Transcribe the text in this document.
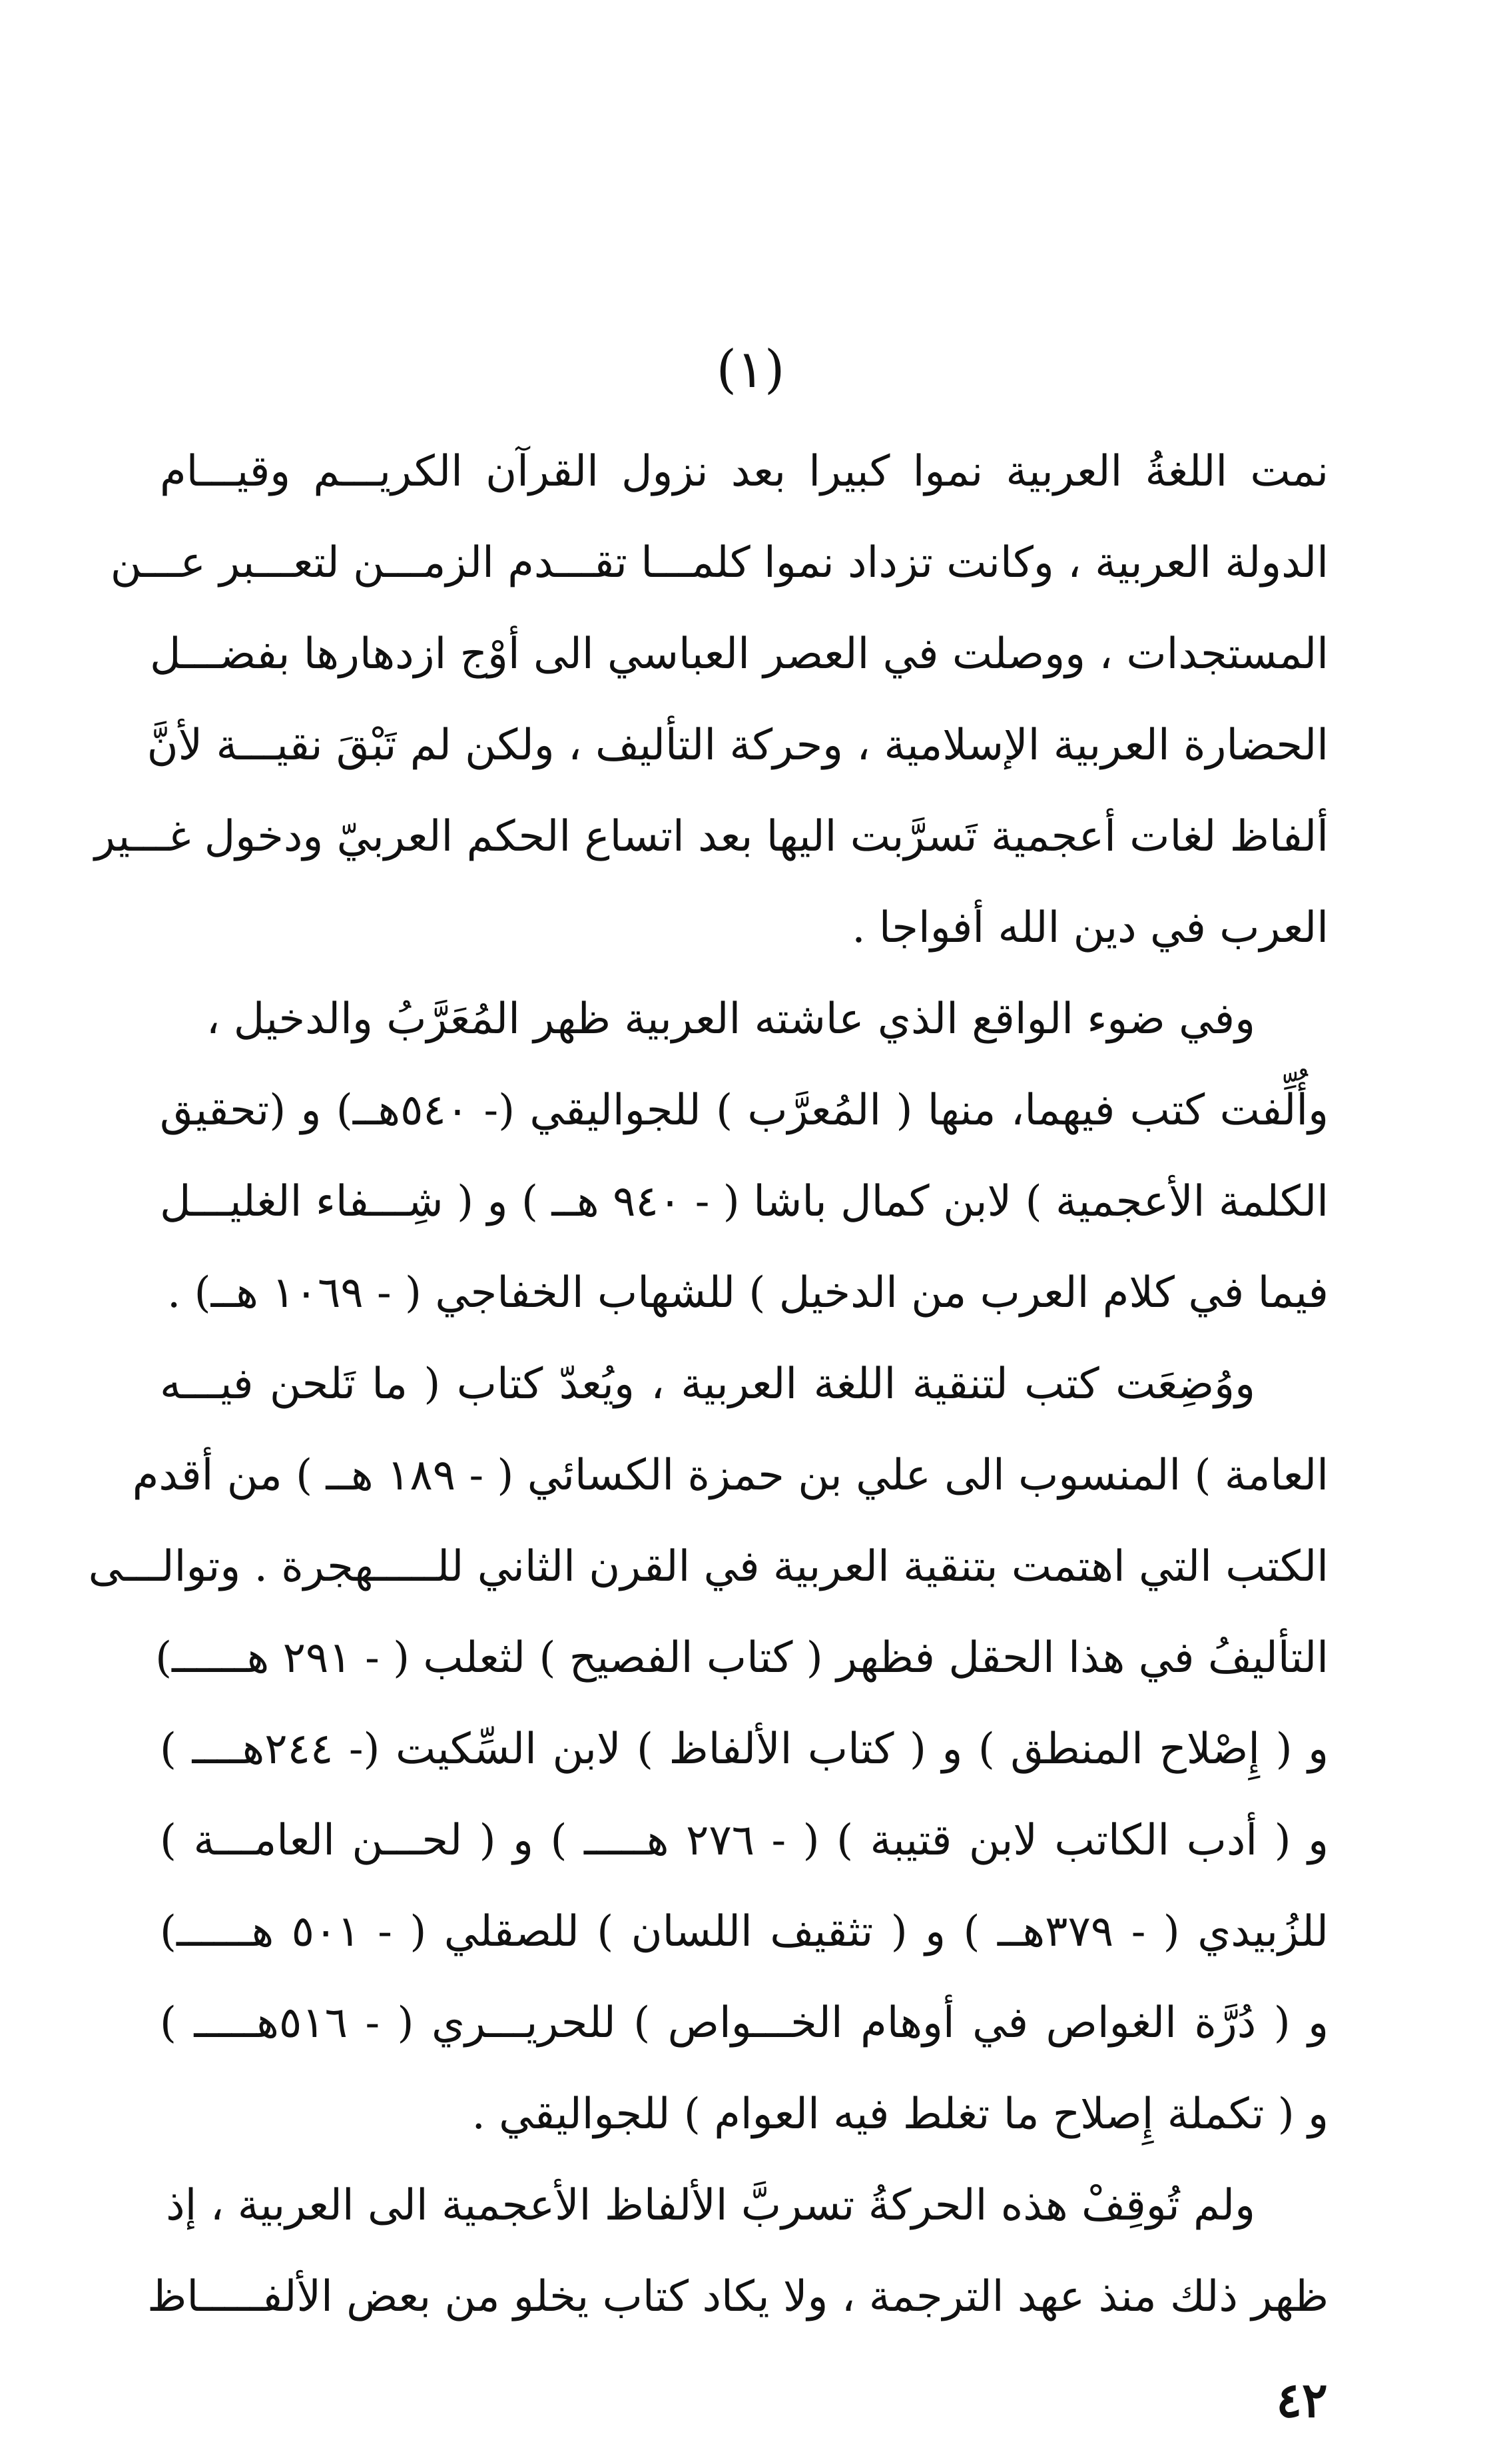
(١)
نمت اللغةُ العربية نموا كبيرا بعد نزول القرآن الكريـــم وقيـــام
الدولة العربية ، وكانت تزداد نموا كلمـــا تقـــدم الزمـــن لتعـــبر عـــن
المستجدات ، ووصلت في العصر العباسي الى أوْج ازدهارها بفضـــل
الحضارة العربية الإسلامية ، وحركة التأليف ، ولكن لم تَبْقَ نقيـــة لأنَّ
ألفاظ لغات أعجمية تَسرَّبت اليها بعد اتساع الحكم العربيّ ودخول غـــير
العرب في دين الله أفواجا .
وفي ضوء الواقع الذي عاشته العربية ظهر المُعَرَّبُ والدخيل ،
وأُلِّفت كتب فيهما، منها ( المُعرَّب ) للجواليقي (- ٥٤٠هــ) و (تحقيق
الكلمة الأعجمية ) لابن كمال باشا ( - ٩٤٠ هــ ) و ( شِـــفاء الغليـــل
فيما في كلام العرب من الدخيل ) للشهاب الخفاجي ( - ١٠٦٩ هــ) .
ووُضِعَت كتب لتنقية اللغة العربية ، ويُعدّ كتاب ( ما تَلحن فيـــه
العامة ) المنسوب الى علي بن حمزة الكسائي ( - ١٨٩ هــ ) من أقدم
الكتب التي اهتمت بتنقية العربية في القرن الثاني للـــــهجرة . وتوالـــى
التأليفُ في هذا الحقل فظهر ( كتاب الفصيح ) لثعلب ( - ٢٩١ هــــــ)
و ( إِصْلاح المنطق ) و ( كتاب الألفاظ ) لابن السِّكيت (- ٢٤٤هــــ )
و ( أدب الكاتب لابن قتيبة ) ( - ٢٧٦ هـــــ ) و ( لحـــن العامـــة )
للزُبيدي ( - ٣٧٩هــ ) و ( تثقيف اللسان ) للصقلي ( - ٥٠١ هــــــ)
و ( دُرَّة الغواص في أوهام الخـــواص ) للحريـــري ( - ٥١٦هـــــ )
و ( تكملة إِصلاح ما تغلط فيه العوام ) للجواليقي .
ولم تُوقِفْ هذه الحركةُ تسربَّ الألفاظ الأعجمية الى العربية ، إذ
ظهر ذلك منذ عهد الترجمة ، ولا يكاد كتاب يخلو من بعض الألفـــــاظ
٤٢
